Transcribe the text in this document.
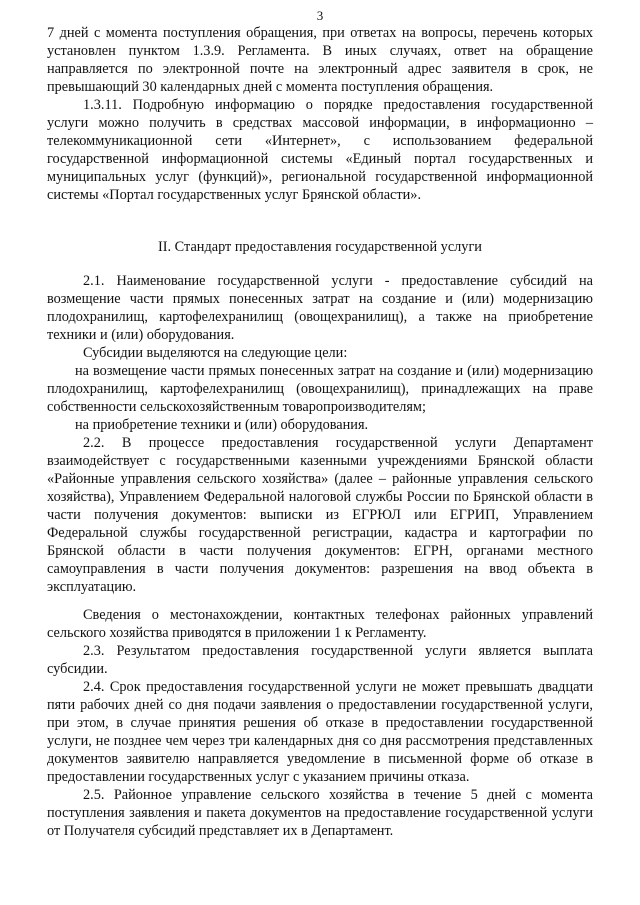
3

7 дней с момента поступления обращения, при ответах на вопросы, перечень которых установлен пунктом 1.3.9. Регламента. В иных случаях, ответ на обращение направляется по электронной почте на электронный адрес заявителя в срок, не превышающий 30 календарных дней с момента поступления обращения.

1.3.11. Подробную информацию о порядке предоставления государственной услуги можно получить в средствах массовой информации, в информационно – телекоммуникационной сети «Интернет», с использованием федеральной государственной информационной системы «Единый портал государственных и муниципальных услуг (функций)», региональной государственной информационной системы «Портал государственных услуг Брянской области».

II. Стандарт предоставления государственной услуги

2.1. Наименование государственной услуги - предоставление субсидий на возмещение части прямых понесенных затрат на создание и (или) модернизацию плодохранилищ, картофелехранилищ (овощехранилищ), а также на приобретение техники и (или) оборудования.

Субсидии выделяются на следующие цели:

на возмещение части прямых понесенных затрат на создание и (или) модернизацию плодохранилищ, картофелехранилищ (овощехранилищ), принадлежащих на праве собственности сельскохозяйственным товаропроизводителям;

на приобретение техники и (или) оборудования.

2.2. В процессе предоставления государственной услуги Департамент взаимодействует с государственными казенными учреждениями Брянской области «Районные управления сельского хозяйства» (далее – районные управления сельского хозяйства), Управлением Федеральной налоговой службы России по Брянской области в части получения документов: выписки из ЕГРЮЛ или ЕГРИП, Управлением Федеральной службы государственной регистрации, кадастра и картографии по Брянской области в части получения документов: ЕГРН, органами местного самоуправления в части получения документов: разрешения на ввод объекта в эксплуатацию.

Сведения о местонахождении, контактных телефонах районных управлений сельского хозяйства приводятся в приложении 1 к Регламенту.

2.3. Результатом предоставления государственной услуги является выплата субсидии.

2.4. Срок предоставления государственной услуги не может превышать двадцати пяти рабочих дней со дня подачи заявления о предоставлении государственной услуги, при этом, в случае принятия решения об отказе в предоставлении государственной услуги, не позднее чем через три календарных дня со дня рассмотрения представленных документов заявителю направляется уведомление в письменной форме об отказе в предоставлении государственных услуг с указанием причины отказа.

2.5. Районное управление сельского хозяйства в течение 5 дней с момента поступления заявления и пакета документов на предоставление государственной услуги от Получателя субсидий представляет их в Департамент.
